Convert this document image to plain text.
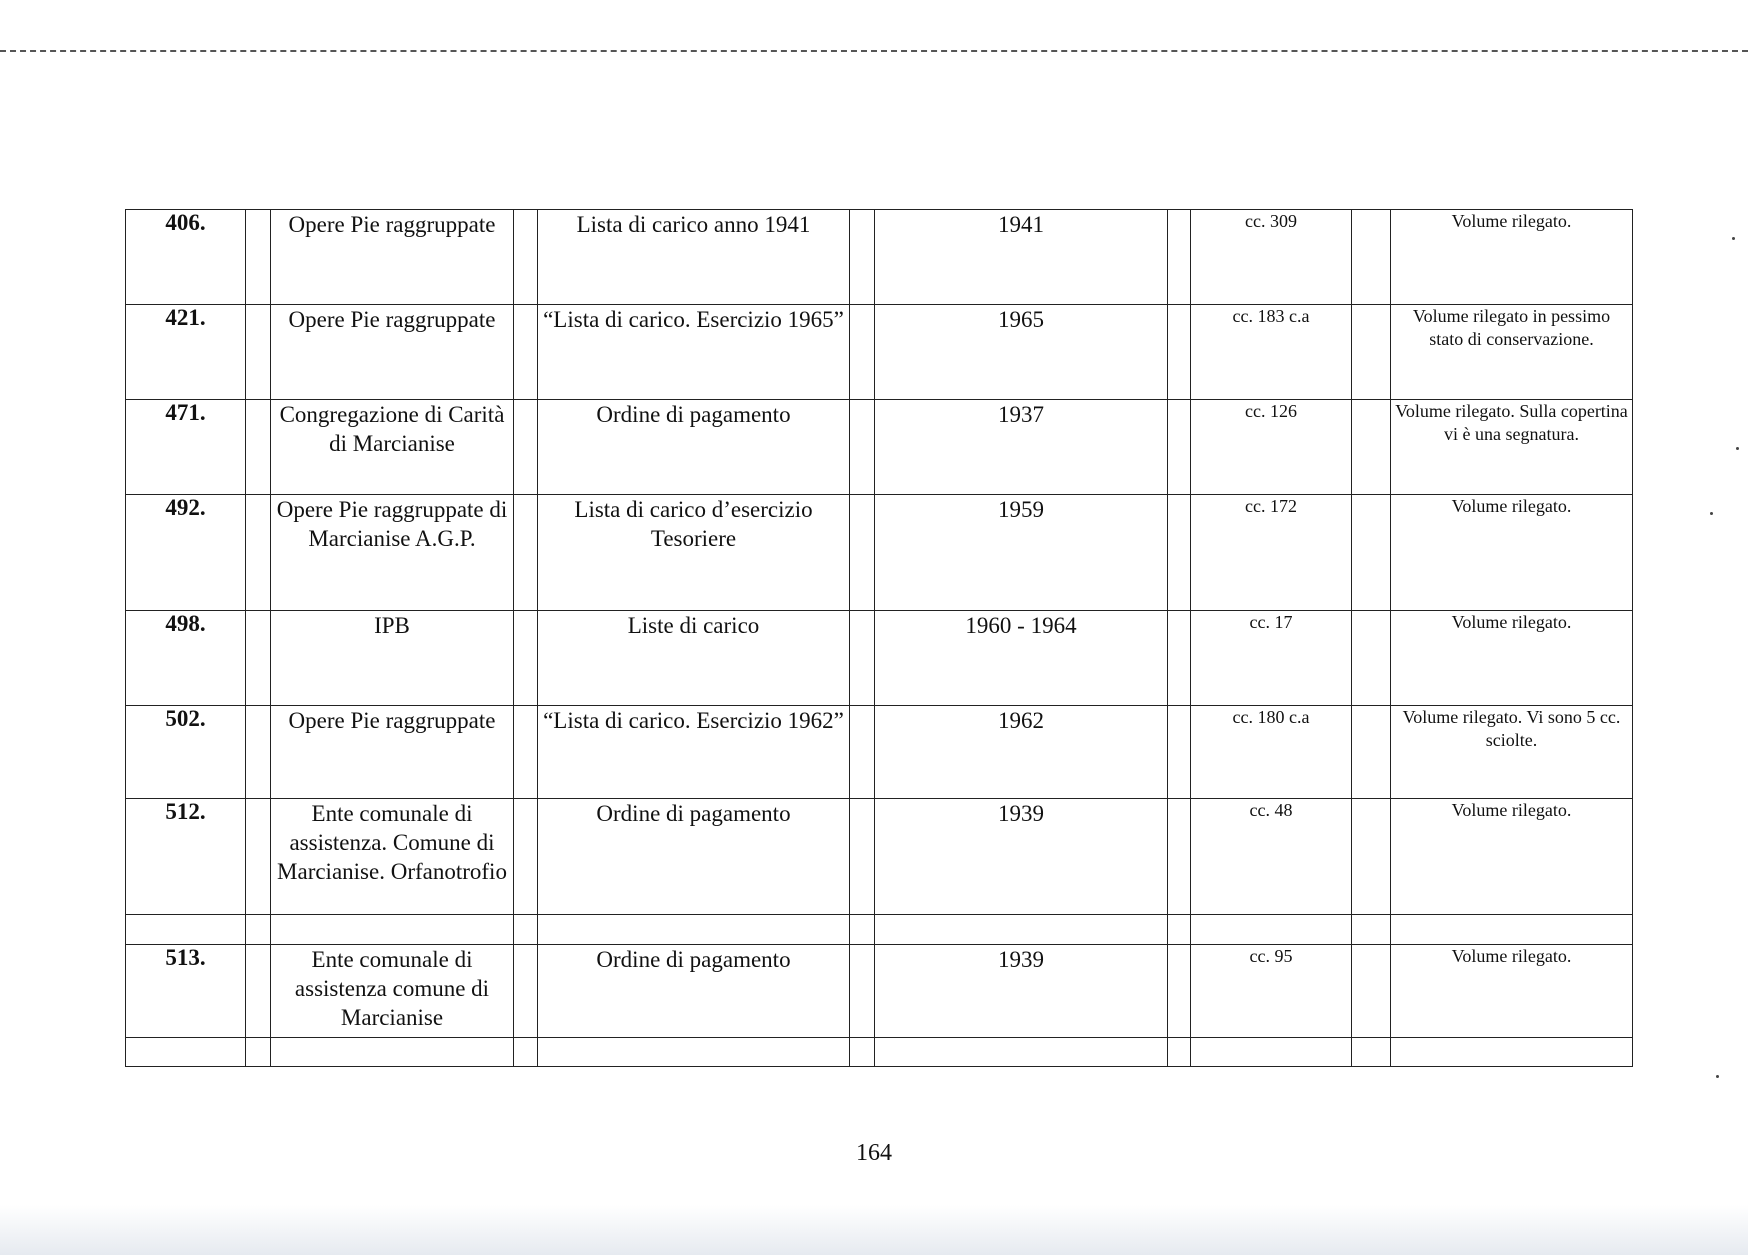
406.		Opere Pie raggruppate		Lista di carico anno 1941		1941		cc. 309		Volume rilegato.
421.		Opere Pie raggruppate		“Lista di carico. Esercizio 1965”		1965		cc. 183 c.a		Volume rilegato in pessimo stato di conservazione.
471.		Congregazione di Carità di Marcianise		Ordine di pagamento		1937		cc. 126		Volume rilegato. Sulla copertina vi è una segnatura.
492.		Opere Pie raggruppate di Marcianise A.G.P.		Lista di carico d’esercizio Tesoriere		1959		cc. 172		Volume rilegato.
498.		IPB		Liste di carico		1960 - 1964		cc. 17		Volume rilegato.
502.		Opere Pie raggruppate		“Lista di carico. Esercizio 1962”		1962		cc. 180 c.a		Volume rilegato. Vi sono 5 cc. sciolte.
512.		Ente comunale di assistenza. Comune di Marcianise. Orfanotrofio		Ordine di pagamento		1939		cc. 48		Volume rilegato.

513.		Ente comunale di assistenza comune di Marcianise		Ordine di pagamento		1939		cc. 95		Volume rilegato.

164
